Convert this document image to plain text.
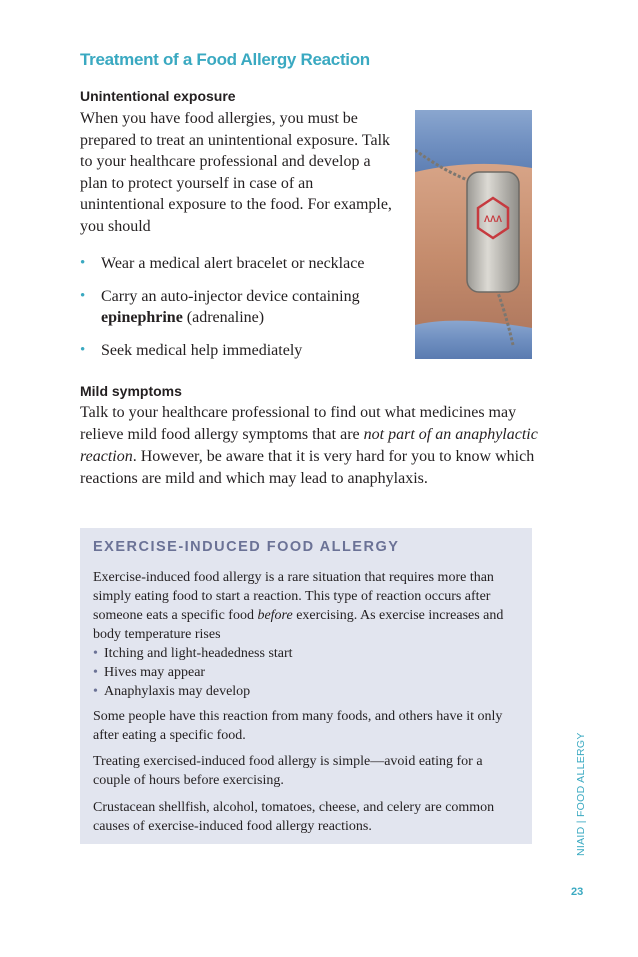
Treatment of a Food Allergy Reaction
Unintentional exposure
When you have food allergies, you must be prepared to treat an unintentional exposure. Talk to your healthcare professional and develop a plan to protect yourself in case of an unintentional exposure to the food. For example, you should
• Wear a medical alert bracelet or necklace
• Carry an auto-injector device containing epinephrine (adrenaline)
• Seek medical help immediately
ΛΛΛ
Mild symptoms
Talk to your healthcare professional to find out what medicines may relieve mild food allergy symptoms that are not part of an anaphylactic reaction. However, be aware that it is very hard for you to know which reactions are mild and which may lead to anaphylaxis.
EXERCISE-INDUCED FOOD ALLERGY
Exercise-induced food allergy is a rare situation that requires more than simply eating food to start a reaction. This type of reaction occurs after someone eats a specific food before exercising. As exercise increases and body temperature rises
• Itching and light-headedness start
• Hives may appear
• Anaphylaxis may develop
Some people have this reaction from many foods, and others have it only after eating a specific food.
Treating exercised-induced food allergy is simple—avoid eating for a couple of hours before exercising.
Crustacean shellfish, alcohol, tomatoes, cheese, and celery are common causes of exercise-induced food allergy reactions.	NIAID | FOOD ALLERGY
23
